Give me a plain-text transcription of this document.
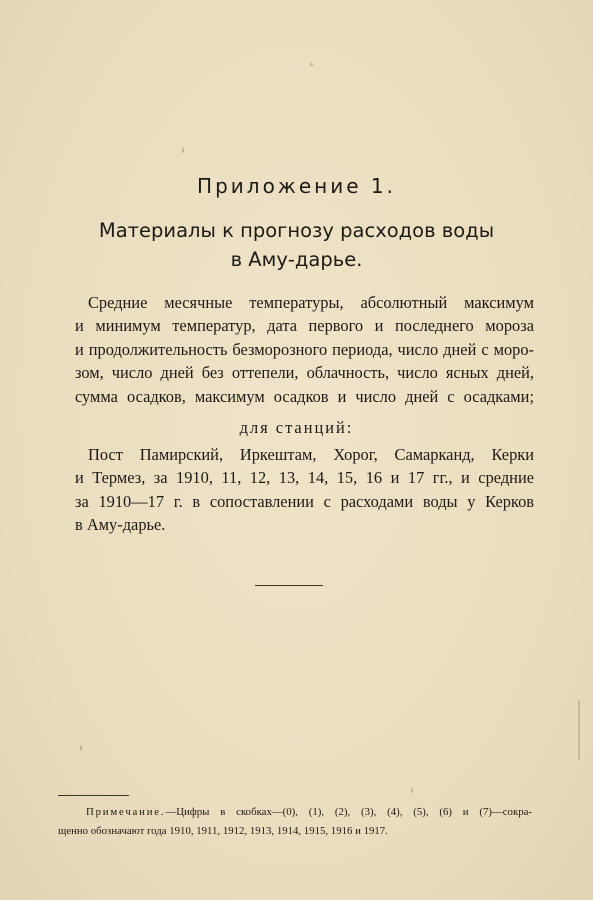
Приложение 1.
Материалы к прогнозу расходов воды
в Аму-дарье.
Средние месячные температуры, абсолютный максимум
и минимум температур, дата первого и последнего мороза
и продолжительность безморозного периода, число дней с моро-
зом, число дней без оттепели, облачность, число ясных дней,
сумма осадков, максимум осадков и число дней с осадками;
для станций:
Пост Памирский, Иркештам, Хорог, Самарканд, Керки
и Термез, за 1910, 11, 12, 13, 14, 15, 16 и 17 гг., и средние
за 1910—17 г. в сопоставлении с расходами воды у Керков
в Аму-дарье.
Примечание.—Цифры в скобках—(0), (1), (2), (3), (4), (5), (6) и (7)—сокра-
щенно обозначают года 1910, 1911, 1912, 1913, 1914, 1915, 1916 и 1917.
